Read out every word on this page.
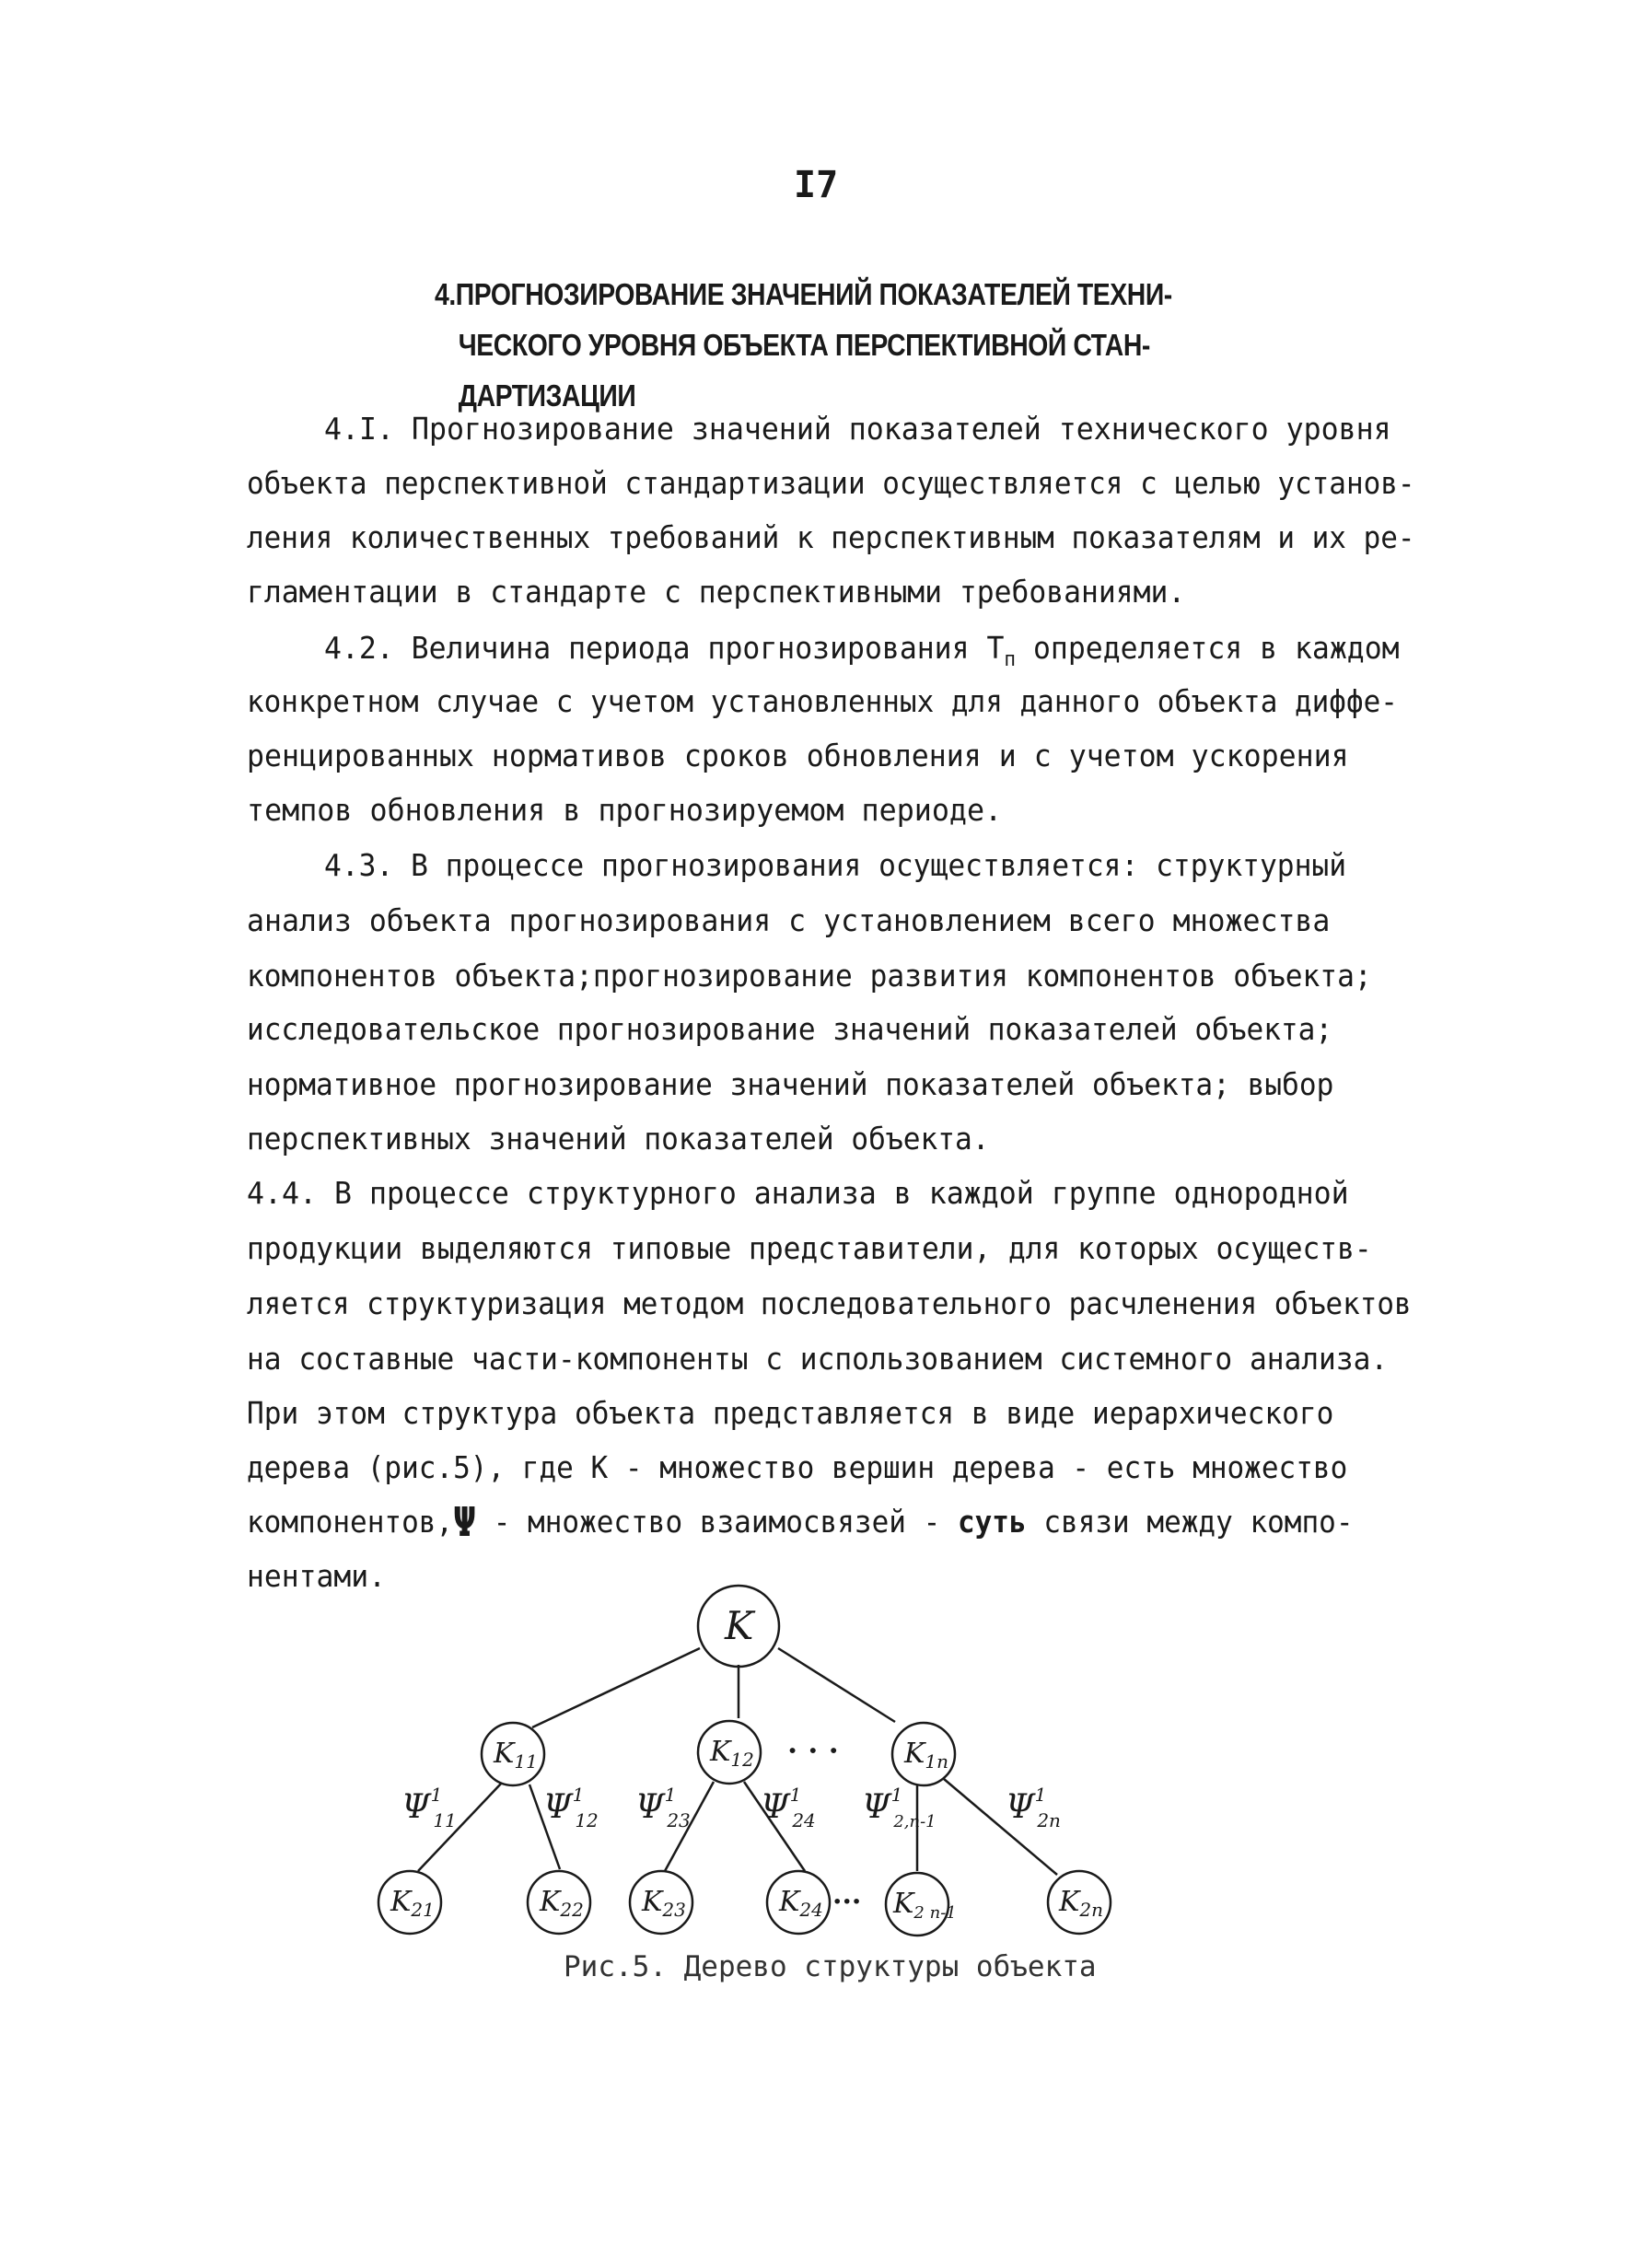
I7
4.ПРОГНОЗИРОВАНИЕ ЗНАЧЕНИЙ ПОКАЗАТЕЛЕЙ ТЕХНИ-
ЧЕСКОГО УРОВНЯ ОБЪЕКТА ПЕРСПЕКТИВНОЙ СТАН-
ДАРТИЗАЦИИ
4.I. Прогнозирование значений показателей технического уровня
объекта перспективной стандартизации осуществляется с целью установ-
ления количественных требований к перспективным показателям и их ре-
гламентации в стандарте с перспективными требованиями.
4.2. Величина периода прогнозирования $T_п$ определяется в каждом
конкретном случае с учетом установленных для данного объекта диффе-
ренцированных нормативов сроков обновления и с учетом ускорения
темпов обновления в прогнозируемом периоде.
4.3. В процессе прогнозирования осуществляется: структурный
анализ объекта прогнозирования с установлением всего множества
компонентов объекта;прогнозирование развития компонентов объекта;
исследовательское прогнозирование значений показателей объекта;
нормативное прогнозирование значений показателей объекта; выбор
перспективных значений показателей объекта.
4.4. В процессе структурного анализа в каждой группе однородной
продукции выделяются типовые представители, для которых осуществ-
ляется структуризация методом последовательного расчленения объектов
на составные части-компоненты с использованием системного анализа.
При этом структура объекта представляется в виде иерархического
дерева (рис.5), где К - множество вершин дерева - есть множество
компонентов,Ψ - множество взаимосвязей - суть связи между компо-
нентами.
K
$K_{11}$	$K_{12}$	$K_{1n}$
· · ·
$K_{21}$	$K_{22}$ $K_{23}$	$K_{24}$	$K_{2 n-1}$	$K_{2n}$
···
$\Psi^1$ 11	$\Psi^1$ 12 $\Psi^1$ 23 $\Psi^1$ 24 $\Psi^1$ 2,n-1 $\Psi^1$ 2n
Рис.5. Дерево структуры объекта
